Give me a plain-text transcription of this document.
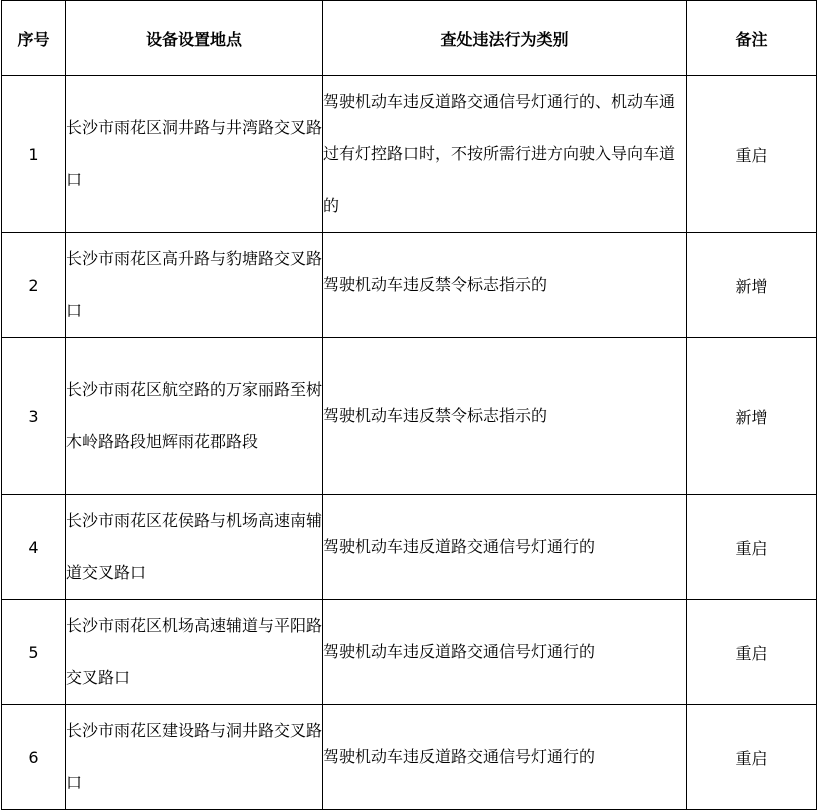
序号	设备设置地点	查处违法行为类别	备注
1	长沙市雨花区洞井路与井湾路交叉路口	驾驶机动车违反道路交通信号灯通行的、机动车通过有灯控路口时，不按所需行进方向驶入导向车道的	重启
2	长沙市雨花区高升路与豹塘路交叉路口	驾驶机动车违反禁令标志指示的	新增
3	长沙市雨花区航空路的万家丽路至树木岭路路段旭辉雨花郡路段	驾驶机动车违反禁令标志指示的	新增
4	长沙市雨花区花侯路与机场高速南辅道交叉路口	驾驶机动车违反道路交通信号灯通行的	重启
5	长沙市雨花区机场高速辅道与平阳路交叉路口	驾驶机动车违反道路交通信号灯通行的	重启
6	长沙市雨花区建设路与洞井路交叉路口	驾驶机动车违反道路交通信号灯通行的	重启
